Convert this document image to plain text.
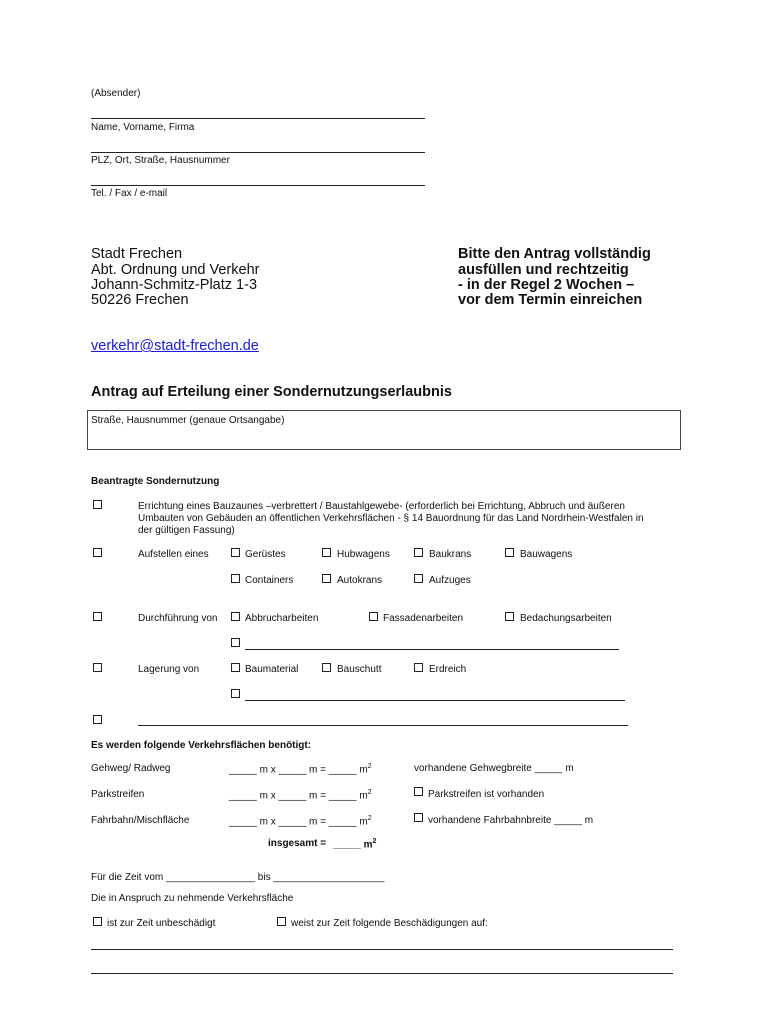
(Absender)
Name, Vorname, Firma
PLZ, Ort, Straße, Hausnummer
Tel. / Fax / e-mail
Stadt Frechen
Abt. Ordnung und Verkehr
Johann-Schmitz-Platz 1-3
50226 Frechen
Bitte den Antrag vollständig
ausfüllen und rechtzeitig
- in der Regel 2 Wochen –
vor dem Termin einreichen
verkehr@stadt-frechen.de
Antrag auf Erteilung einer Sondernutzungserlaubnis
Straße, Hausnummer (genaue Ortsangabe)
Beantragte Sondernutzung
Errichtung eines Bauzaunes –verbrettert / Baustahlgewebe- (erforderlich bei Errichtung, Abbruch und äußeren
Umbauten von Gebäuden an öffentlichen Verkehrsflächen - § 14 Bauordnung für das Land Nordrhein-Westfalen in
der gültigen Fassung)
Aufstellen eines	Gerüstes	Hubwagens	Baukrans	Bauwagens
Containers	Autokrans	Aufzuges
Durchführung von	Abbrucharbeiten	Fassadenarbeiten	Bedachungsarbeiten
Lagerung von	Baumaterial	Bauschutt	Erdreich
Es werden folgende Verkehrsflächen benötigt:
Gehweg/ Radweg	_____ m x _____ m = _____ $m^2$	vorhandene Gehwegbreite _____ m
Parkstreifen	_____ m x _____ m = _____ $m^2$	Parkstreifen ist vorhanden
Fahrbahn/Mischfläche	_____ m x _____ m = _____ $m^2$	vorhandene Fahrbahnbreite _____ m
insgesamt = _____ $m^2$
Für die Zeit vom ________________ bis ____________________
Die in Anspruch zu nehmende Verkehrsfläche
ist zur Zeit unbeschädigt	weist zur Zeit folgende Beschädigungen auf:
